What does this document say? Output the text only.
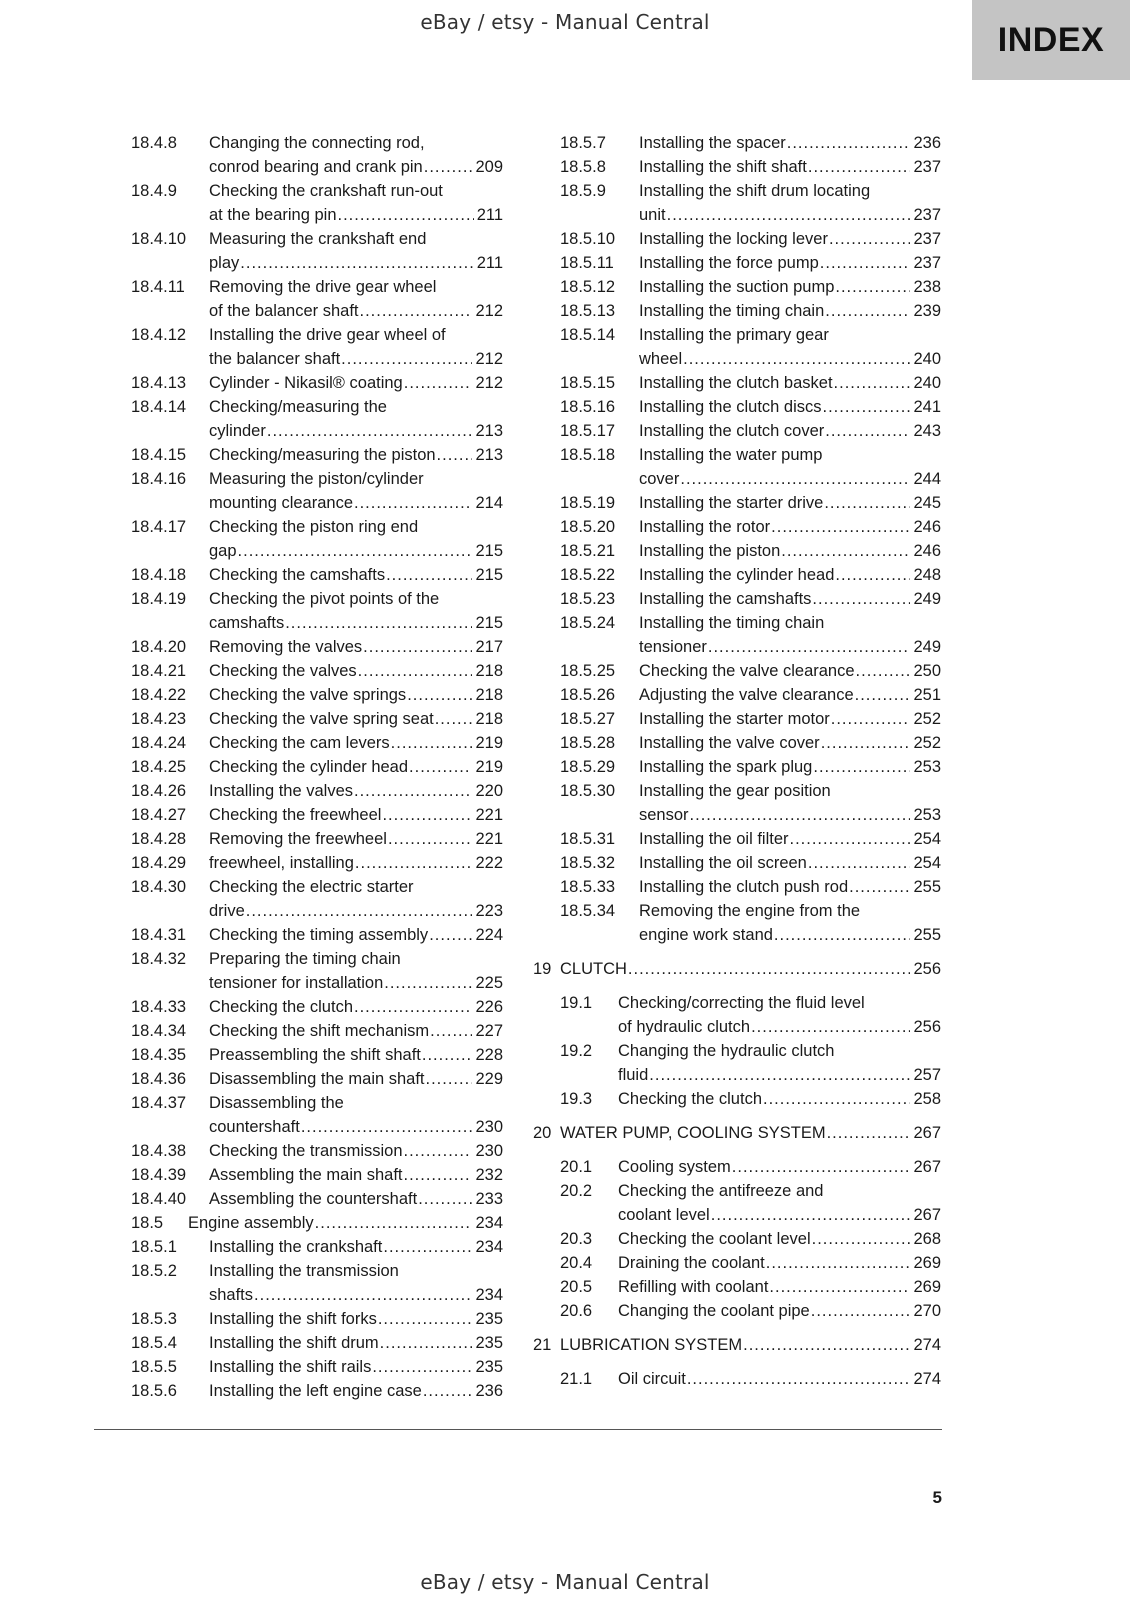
eBay / etsy - Manual Central	INDEX
18.4.8 Changing the connecting rod,
conrod bearing and crank pin .....	209
18.4.9 Checking the crankshaft run-out
at the bearing pin .....	211
18.4.10 Measuring the crankshaft end
play .....	211
18.4.11 Removing the drive gear wheel
of the balancer shaft .....	212
18.4.12 Installing the drive gear wheel of
the balancer shaft .....	212
18.4.13 Cylinder - Nikasil® coating .....	212
18.4.14 Checking/measuring the
cylinder .....	213
18.4.15 Checking/measuring the piston ..... 213
18.4.16 Measuring the piston/cylinder
mounting clearance .....	214
18.4.17 Checking the piston ring end
gap .....	215
18.4.18 Checking the camshafts .....	215
18.4.19 Checking the pivot points of the
camshafts .....	215
18.4.20 Removing the valves .....	217
18.4.21 Checking the valves .....	218
18.4.22 Checking the valve springs .....	218
18.4.23 Checking the valve spring seat .....	218
18.4.24 Checking the cam levers .....	219
18.4.25 Checking the cylinder head .....	219
18.4.26 Installing the valves .....	220
18.4.27 Checking the freewheel .....	221
18.4.28 Removing the freewheel .....	221
18.4.29 freewheel, installing .....	222
18.4.30 Checking the electric starter
drive .....	223
18.4.31 Checking the timing assembly .....	224
18.4.32 Preparing the timing chain
tensioner for installation .....	225
18.4.33 Checking the clutch .....	226
18.4.34 Checking the shift mechanism .....	227
18.4.35 Preassembling the shift shaft .....	228
18.4.36 Disassembling the main shaft .....	229
18.4.37 Disassembling the
countershaft .....	230
18.4.38 Checking the transmission .....	230
18.4.39 Assembling the main shaft .....	232
18.4.40 Assembling the countershaft .....	233
18.5 Engine assembly .....	234
18.5.1 Installing the crankshaft .....	234
18.5.2 Installing the transmission
shafts .....	234
18.5.3 Installing the shift forks .....	235
18.5.4 Installing the shift drum .....	235
18.5.5 Installing the shift rails .....	235
18.5.6 Installing the left engine case .....	236
18.5.7 Installing the spacer .....	236
18.5.8 Installing the shift shaft .....	237
18.5.9 Installing the shift drum locating
unit .....	237
18.5.10 Installing the locking lever .....	237
18.5.11 Installing the force pump .....	237
18.5.12 Installing the suction pump .....	238
18.5.13 Installing the timing chain .....	239
18.5.14 Installing the primary gear
wheel .....	240
18.5.15 Installing the clutch basket .....	240
18.5.16 Installing the clutch discs .....	241
18.5.17 Installing the clutch cover .....	243
18.5.18 Installing the water pump
cover .....	244
18.5.19 Installing the starter drive .....	245
18.5.20 Installing the rotor .....	246
18.5.21 Installing the piston .....	246
18.5.22 Installing the cylinder head .....	248
18.5.23 Installing the camshafts .....	249
18.5.24 Installing the timing chain
tensioner .....	249
18.5.25 Checking the valve clearance .....	250
18.5.26 Adjusting the valve clearance .....	251
18.5.27 Installing the starter motor .....	252
18.5.28 Installing the valve cover .....	252
18.5.29 Installing the spark plug .....	253
18.5.30 Installing the gear position
sensor .....	253
18.5.31 Installing the oil filter .....	254
18.5.32 Installing the oil screen .....	254
18.5.33 Installing the clutch push rod .....	255
18.5.34 Removing the engine from the
engine work stand .....	255
19 CLUTCH .....	256
19.1 Checking/correcting the fluid level
of hydraulic clutch .....	256
19.2 Changing the hydraulic clutch
fluid .....	257
19.3 Checking the clutch .....	258
20 WATER PUMP, COOLING SYSTEM .....	267
20.1 Cooling system .....	267
20.2 Checking the antifreeze and
coolant level .....	267
20.3 Checking the coolant level .....	268
20.4 Draining the coolant .....	269
20.5 Refilling with coolant .....	269
20.6 Changing the coolant pipe .....	270
21 LUBRICATION SYSTEM .....	274
21.1 Oil circuit .....	274
5
eBay / etsy - Manual Central
